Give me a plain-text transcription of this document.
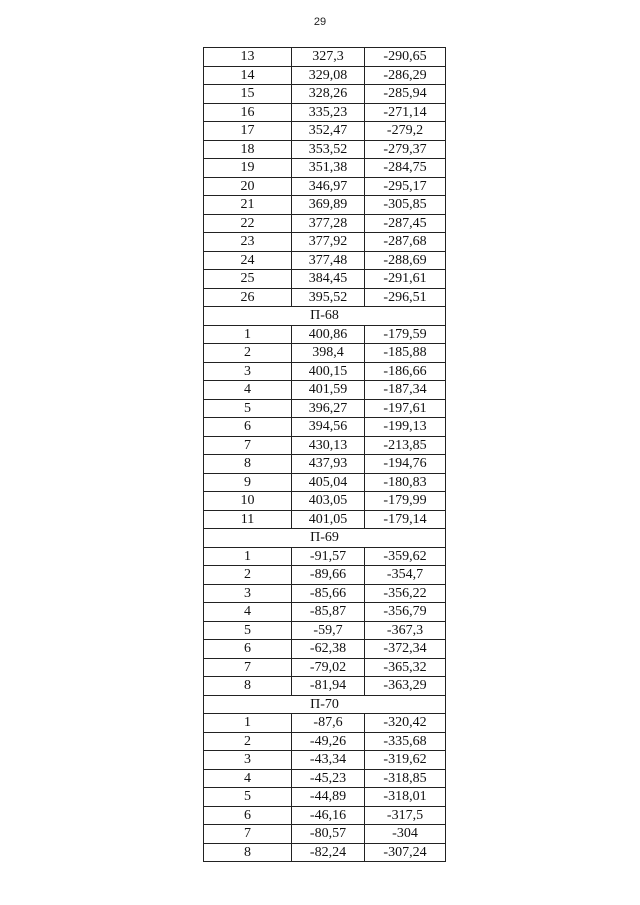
29
13	327,3	-290,65
14	329,08	-286,29
15	328,26	-285,94
16	335,23	-271,14
17	352,47	-279,2
18	353,52	-279,37
19	351,38	-284,75
20	346,97	-295,17
21	369,89	-305,85
22	377,28	-287,45
23	377,92	-287,68
24	377,48	-288,69
25	384,45	-291,61
26	395,52	-296,51
П-68		
1	400,86	-179,59
2	398,4	-185,88
3	400,15	-186,66
4	401,59	-187,34
5	396,27	-197,61
6	394,56	-199,13
7	430,13	-213,85
8	437,93	-194,76
9	405,04	-180,83
10	403,05	-179,99
11	401,05	-179,14
П-69		
1	-91,57	-359,62
2	-89,66	-354,7
3	-85,66	-356,22
4	-85,87	-356,79
5	-59,7	-367,3
6	-62,38	-372,34
7	-79,02	-365,32
8	-81,94	-363,29
П-70		
1	-87,6	-320,42
2	-49,26	-335,68
3	-43,34	-319,62
4	-45,23	-318,85
5	-44,89	-318,01
6	-46,16	-317,5
7	-80,57	-304
8	-82,24	-307,24
